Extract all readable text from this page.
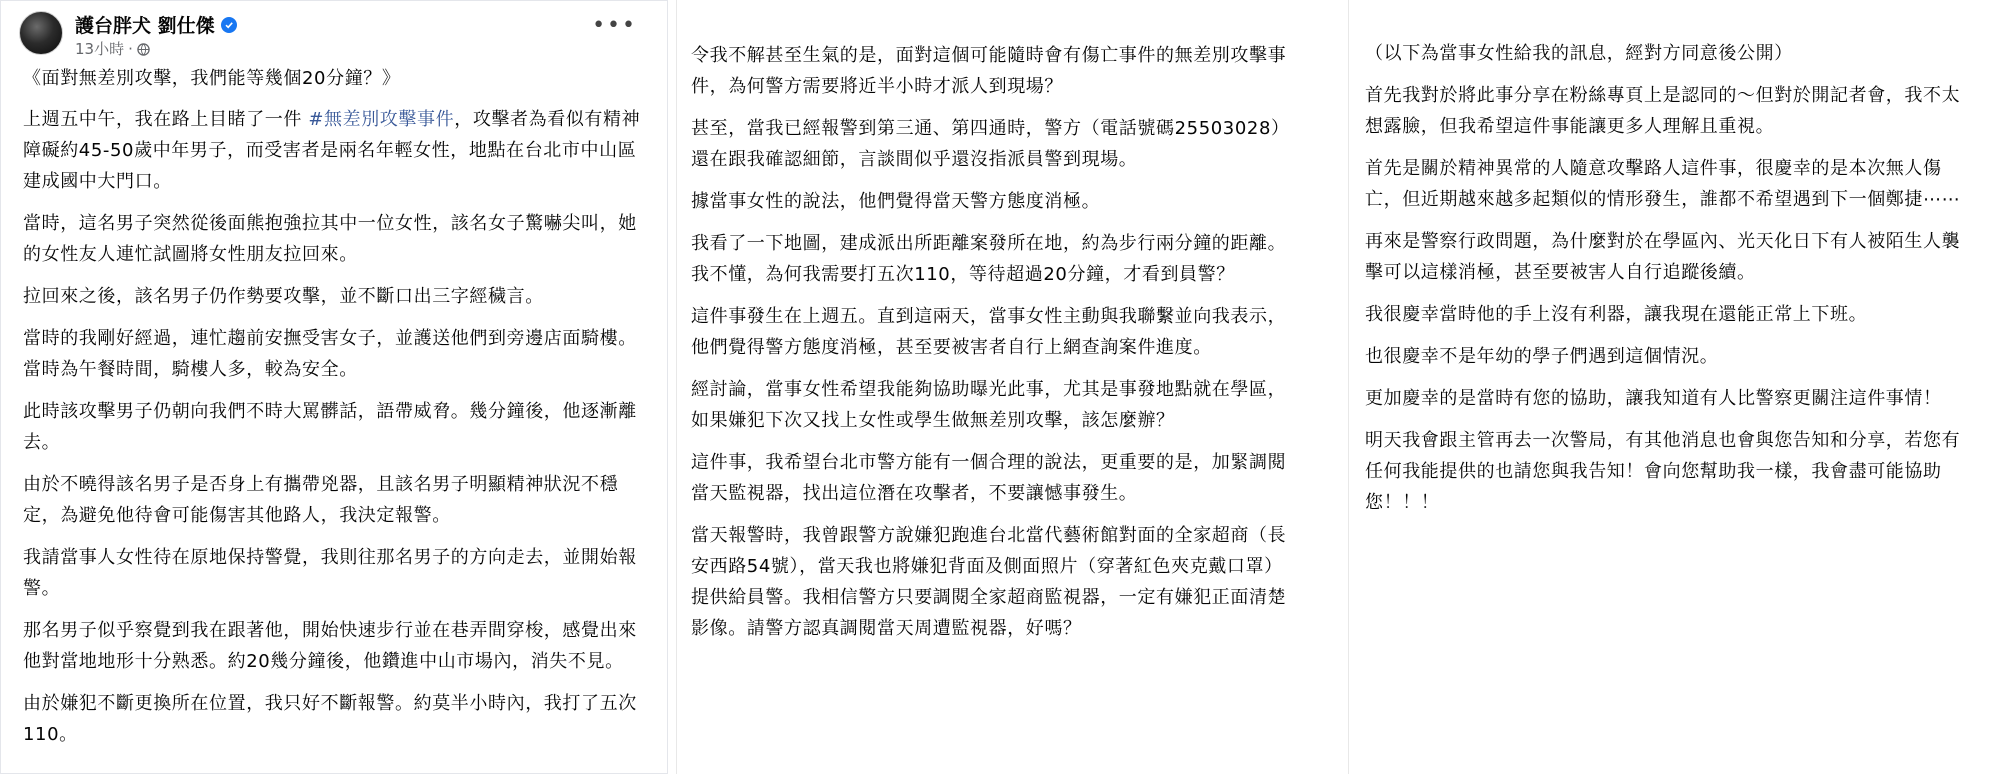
護台胖犬 劉仕傑
13小時 ·
•••

《面對無差別攻擊，我們能等幾個20分鐘？》

上週五中午，我在路上目睹了一件 #無差別攻擊事件，攻擊者為看似有精神障礙約45-50歲中年男子，而受害者是兩名年輕女性，地點在台北市中山區建成國中大門口。

當時，這名男子突然從後面熊抱強拉其中一位女性，該名女子驚嚇尖叫，她的女性友人連忙試圖將女性朋友拉回來。

拉回來之後，該名男子仍作勢要攻擊，並不斷口出三字經穢言。

當時的我剛好經過，連忙趨前安撫受害女子，並護送他們到旁邊店面騎樓。當時為午餐時間，騎樓人多，較為安全。

此時該攻擊男子仍朝向我們不時大罵髒話，語帶威脅。幾分鐘後，他逐漸離去。

由於不曉得該名男子是否身上有攜帶兇器，且該名男子明顯精神狀況不穩定，為避免他待會可能傷害其他路人，我決定報警。

我請當事人女性待在原地保持警覺，我則往那名男子的方向走去，並開始報警。

那名男子似乎察覺到我在跟著他，開始快速步行並在巷弄間穿梭，感覺出來他對當地地形十分熟悉。約20幾分鐘後，他鑽進中山市場內，消失不見。

由於嫌犯不斷更換所在位置，我只好不斷報警。約莫半小時內，我打了五次110。

令我不解甚至生氣的是，面對這個可能隨時會有傷亡事件的無差別攻擊事件，為何警方需要將近半小時才派人到現場？

甚至，當我已經報警到第三通、第四通時，警方（電話號碼25503028）還在跟我確認細節，言談間似乎還沒指派員警到現場。

據當事女性的說法，他們覺得當天警方態度消極。

我看了一下地圖，建成派出所距離案發所在地，約為步行兩分鐘的距離。我不懂，為何我需要打五次110，等待超過20分鐘，才看到員警？

這件事發生在上週五。直到這兩天，當事女性主動與我聯繫並向我表示，他們覺得警方態度消極，甚至要被害者自行上網查詢案件進度。

經討論，當事女性希望我能夠協助曝光此事，尤其是事發地點就在學區，如果嫌犯下次又找上女性或學生做無差別攻擊，該怎麼辦？

這件事，我希望台北市警方能有一個合理的說法，更重要的是，加緊調閱當天監視器，找出這位潛在攻擊者，不要讓憾事發生。

當天報警時，我曾跟警方說嫌犯跑進台北當代藝術館對面的全家超商（長安西路54號），當天我也將嫌犯背面及側面照片（穿著紅色夾克戴口罩）提供給員警。我相信警方只要調閱全家超商監視器，一定有嫌犯正面清楚影像。請警方認真調閱當天周遭監視器，好嗎？

（以下為當事女性給我的訊息，經對方同意後公開）

首先我對於將此事分享在粉絲專頁上是認同的～但對於開記者會，我不太想露臉，但我希望這件事能讓更多人理解且重視。

首先是關於精神異常的人隨意攻擊路人這件事，很慶幸的是本次無人傷亡，但近期越來越多起類似的情形發生，誰都不希望遇到下一個鄭捷⋯⋯

再來是警察行政問題，為什麼對於在學區內、光天化日下有人被陌生人襲擊可以這樣消極，甚至要被害人自行追蹤後續。

我很慶幸當時他的手上沒有利器，讓我現在還能正常上下班。

也很慶幸不是年幼的學子們遇到這個情況。

更加慶幸的是當時有您的協助，讓我知道有人比警察更關注這件事情！

明天我會跟主管再去一次警局，有其他消息也會與您告知和分享，若您有任何我能提供的也請您與我告知！會向您幫助我一樣，我會盡可能協助您！！！
